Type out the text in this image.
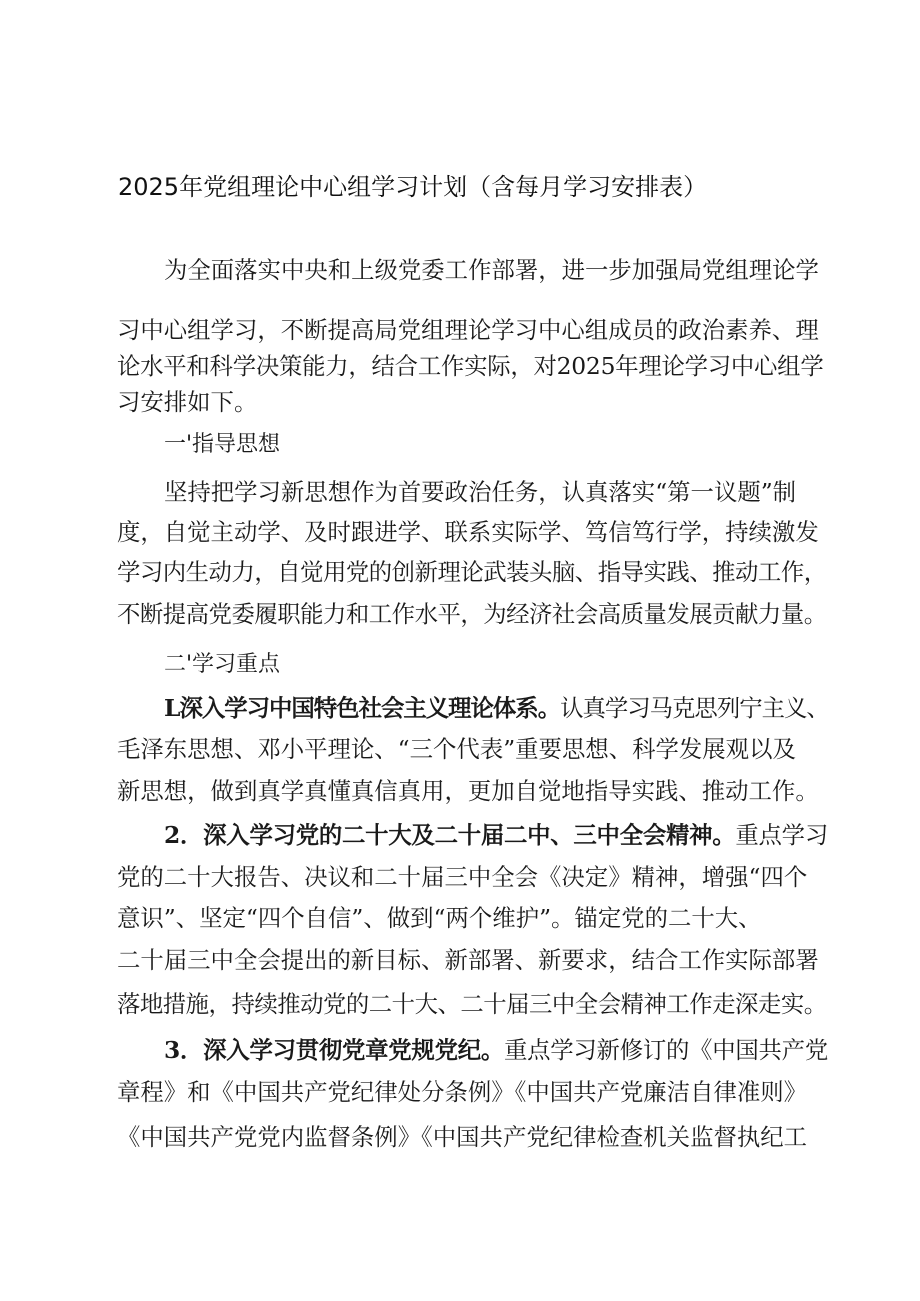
2025年党组理论中心组学习计划（含每月学习安排表）
为全面落实中央和上级党委工作部署，进一步加强局党组理论学
习中心组学习，不断提高局党组理论学习中心组成员的政治素养、理
论水平和科学决策能力，结合工作实际，对2025年理论学习中心组学
习安排如下。
一'指导思想
坚持把学习新思想作为首要政治任务，认真落实“第一议题”制
度，自觉主动学、及时跟进学、联系实际学、笃信笃行学，持续激发
学习内生动力，自觉用党的创新理论武装头脑、指导实践、推动工作，
不断提高党委履职能力和工作水平，为经济社会高质量发展贡献力量。
二'学习重点
L深入学习中国特色社会主义理论体系。认真学习马克思列宁主义、
毛泽东思想、邓小平理论、“三个代表”重要思想、科学发展观以及
新思想，做到真学真懂真信真用，更加自觉地指导实践、推动工作。
2．深入学习党的二十大及二十届二中、三中全会精神。重点学习
党的二十大报告、决议和二十届三中全会《决定》精神，增强“四个
意识”、坚定“四个自信”、做到“两个维护”。锚定党的二十大、
二十届三中全会提出的新目标、新部署、新要求，结合工作实际部署
落地措施，持续推动党的二十大、二十届三中全会精神工作走深走实。
3．深入学习贯彻党章党规党纪。重点学习新修订的《中国共产党
章程》和《中国共产党纪律处分条例》《中国共产党廉洁自律准则》
《中国共产党党内监督条例》《中国共产党纪律检查机关监督执纪工
